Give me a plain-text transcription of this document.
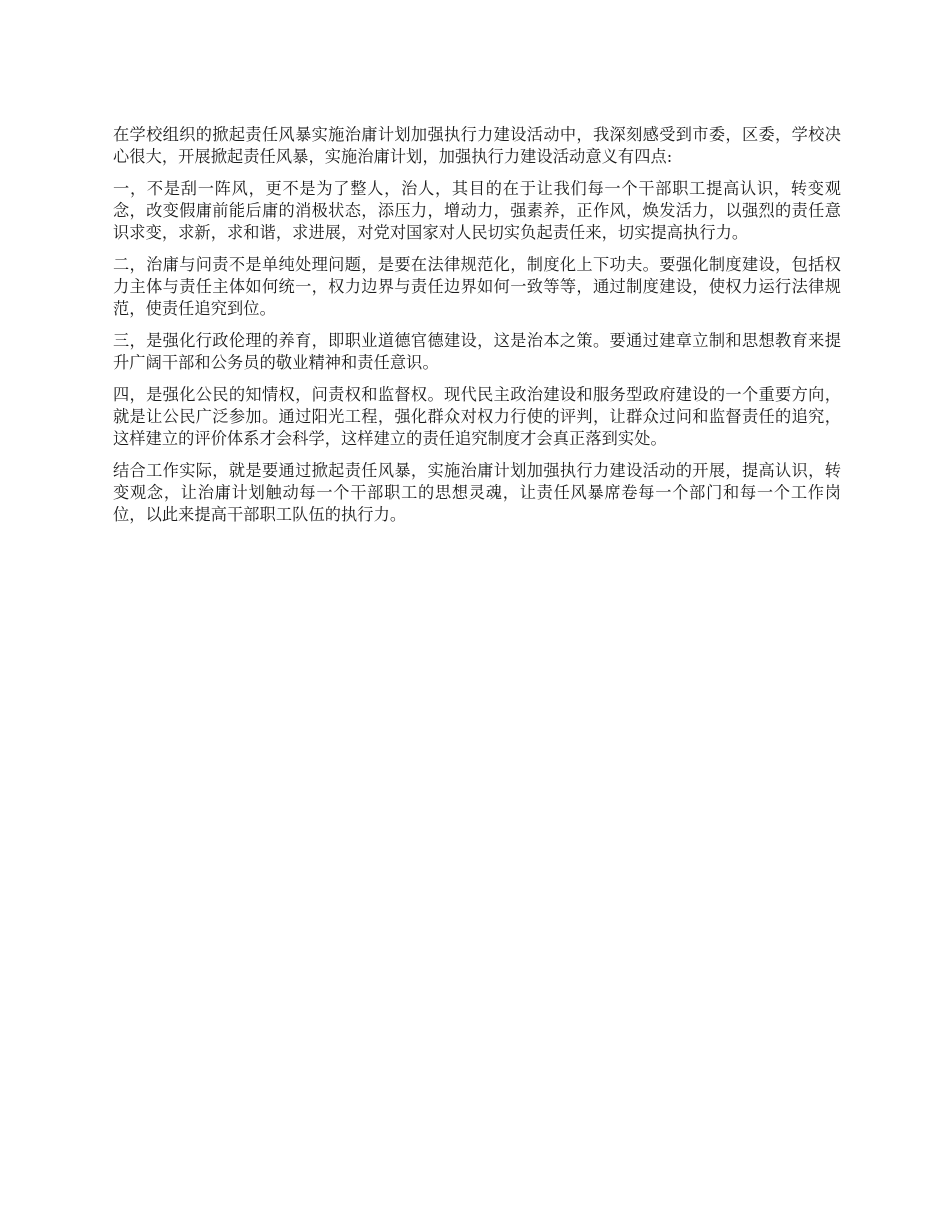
在学校组织的掀起责任风暴实施治庸计划加强执行力建设活动中，我深刻感受到市委，区委，学校决心很大，开展掀起责任风暴，实施治庸计划，加强执行力建设活动意义有四点:

一，不是刮一阵风，更不是为了整人，治人，其目的在于让我们每一个干部职工提高认识，转变观念，改变假庸前能后庸的消极状态，添压力，增动力，强素养，正作风，焕发活力，以强烈的责任意识求变，求新，求和谐，求进展，对党对国家对人民切实负起责任来，切实提高执行力。

二，治庸与问责不是单纯处理问题，是要在法律规范化，制度化上下功夫。要强化制度建设，包括权力主体与责任主体如何统一，权力边界与责任边界如何一致等等，通过制度建设，使权力运行法律规范，使责任追究到位。

三，是强化行政伦理的养育，即职业道德官德建设，这是治本之策。要通过建章立制和思想教育来提升广阔干部和公务员的敬业精神和责任意识。

四，是强化公民的知情权，问责权和监督权。现代民主政治建设和服务型政府建设的一个重要方向，就是让公民广泛参加。通过阳光工程，强化群众对权力行使的评判，让群众过问和监督责任的追究，这样建立的评价体系才会科学，这样建立的责任追究制度才会真正落到实处。

结合工作实际，就是要通过掀起责任风暴，实施治庸计划加强执行力建设活动的开展，提高认识，转变观念，让治庸计划触动每一个干部职工的思想灵魂，让责任风暴席卷每一个部门和每一个工作岗位，以此来提高干部职工队伍的执行力。
